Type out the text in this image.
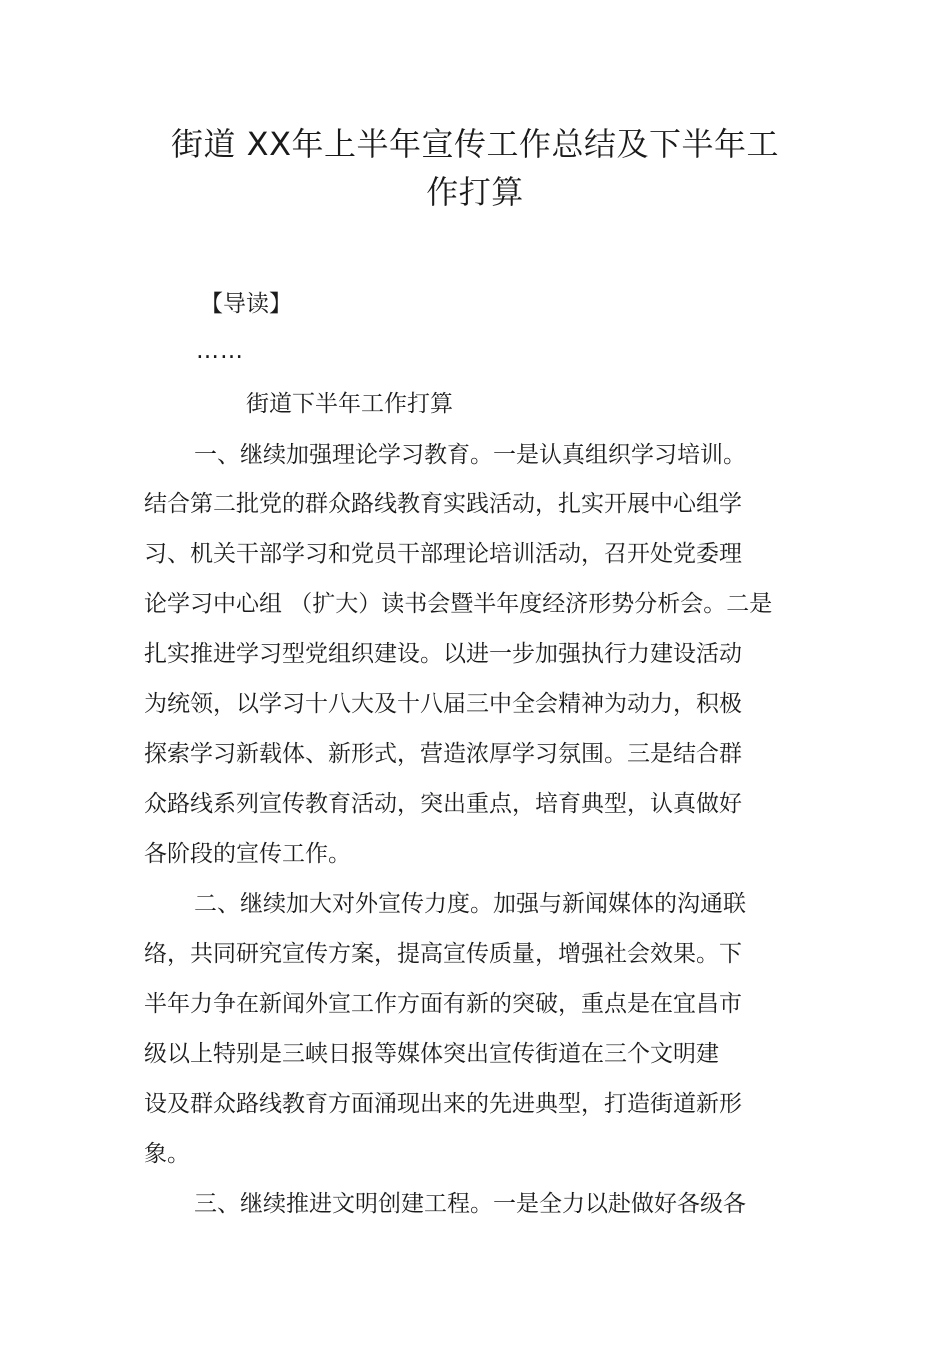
街道 XX年上半年宣传工作总结及下半年工
作打算

【导读】

……

街道下半年工作打算

一、继续加强理论学习教育。一是认真组织学习培训。

结合第二批党的群众路线教育实践活动，扎实开展中心组学

习、机关干部学习和党员干部理论培训活动，召开处党委理

论学习中心组 （扩大）读书会暨半年度经济形势分析会。二是

扎实推进学习型党组织建设。以进一步加强执行力建设活动

为统领，以学习十八大及十八届三中全会精神为动力，积极

探索学习新载体、新形式，营造浓厚学习氛围。三是结合群

众路线系列宣传教育活动，突出重点，培育典型，认真做好

各阶段的宣传工作。

二、继续加大对外宣传力度。加强与新闻媒体的沟通联

络，共同研究宣传方案，提高宣传质量，增强社会效果。下

半年力争在新闻外宣工作方面有新的突破，重点是在宜昌市

级以上特别是三峡日报等媒体突出宣传街道在三个文明建

设及群众路线教育方面涌现出来的先进典型，打造街道新形

象。

三、继续推进文明创建工程。一是全力以赴做好各级各
